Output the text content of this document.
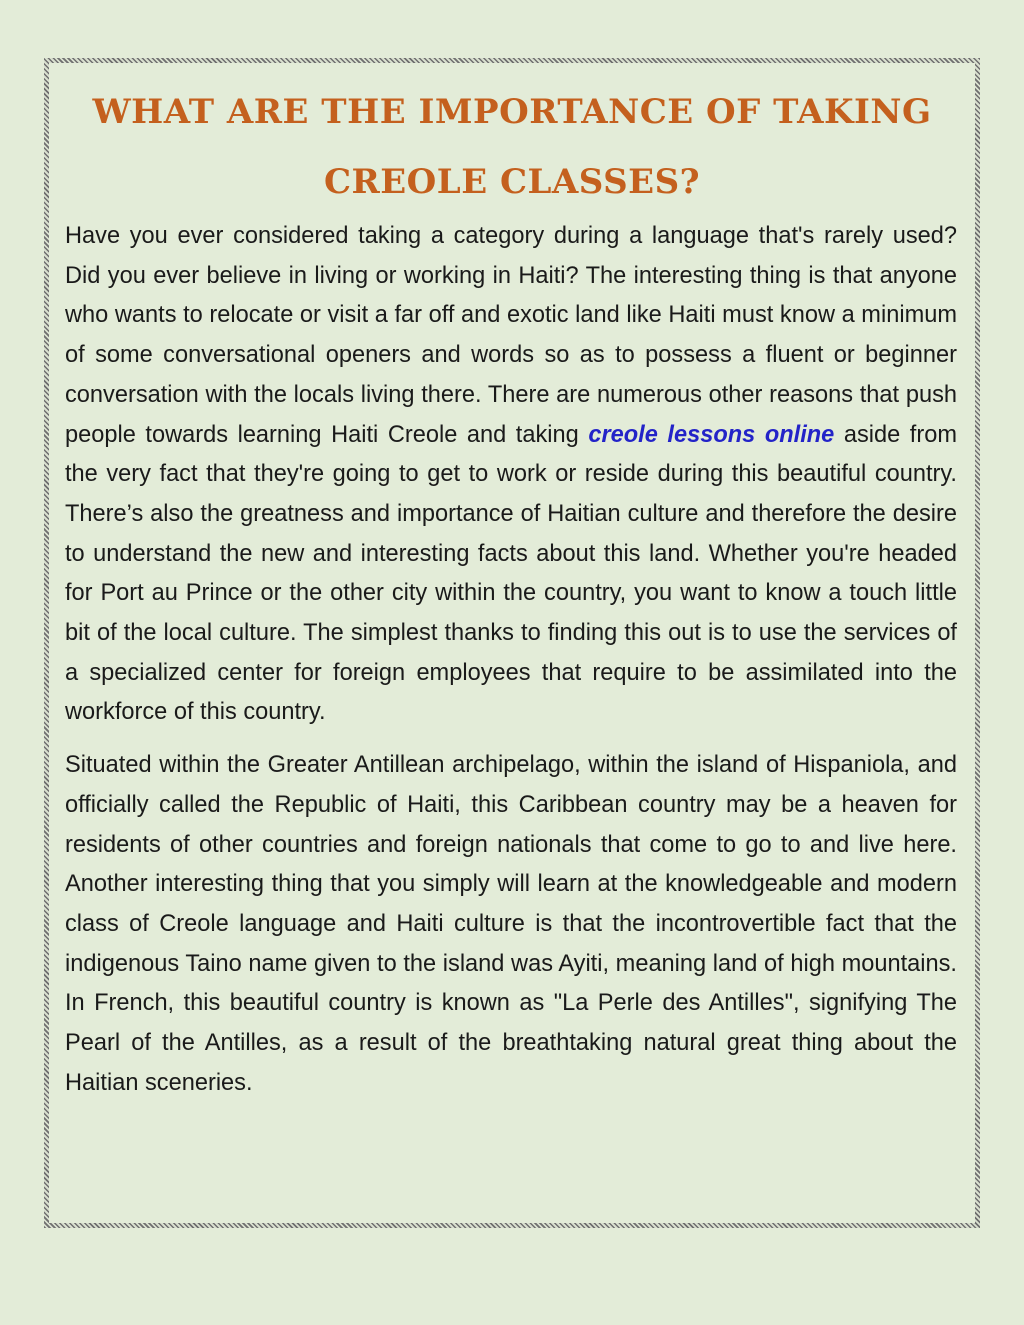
WHAT ARE THE IMPORTANCE OF TAKING CREOLE CLASSES?

Have you ever considered taking a category during a language that's rarely used? Did you ever believe in living or working in Haiti? The interesting thing is that anyone who wants to relocate or visit a far off and exotic land like Haiti must know a minimum of some conversational openers and words so as to possess a fluent or beginner conversation with the locals living there. There are numerous other reasons that push people towards learning Haiti Creole and taking creole lessons online aside from the very fact that they're going to get to work or reside during this beautiful country. There’s also the greatness and importance of Haitian culture and therefore the desire to understand the new and interesting facts about this land. Whether you're headed for Port au Prince or the other city within the country, you want to know a touch little bit of the local culture. The simplest thanks to finding this out is to use the services of a specialized center for foreign employees that require to be assimilated into the workforce of this country.

Situated within the Greater Antillean archipelago, within the island of Hispaniola, and officially called the Republic of Haiti, this Caribbean country may be a heaven for residents of other countries and foreign nationals that come to go to and live here. Another interesting thing that you simply will learn at the knowledgeable and modern class of Creole language and Haiti culture is that the incontrovertible fact that the indigenous Taino name given to the island was Ayiti, meaning land of high mountains. In French, this beautiful country is known as "La Perle des Antilles", signifying The Pearl of the Antilles, as a result of the breathtaking natural great thing about the Haitian sceneries.
